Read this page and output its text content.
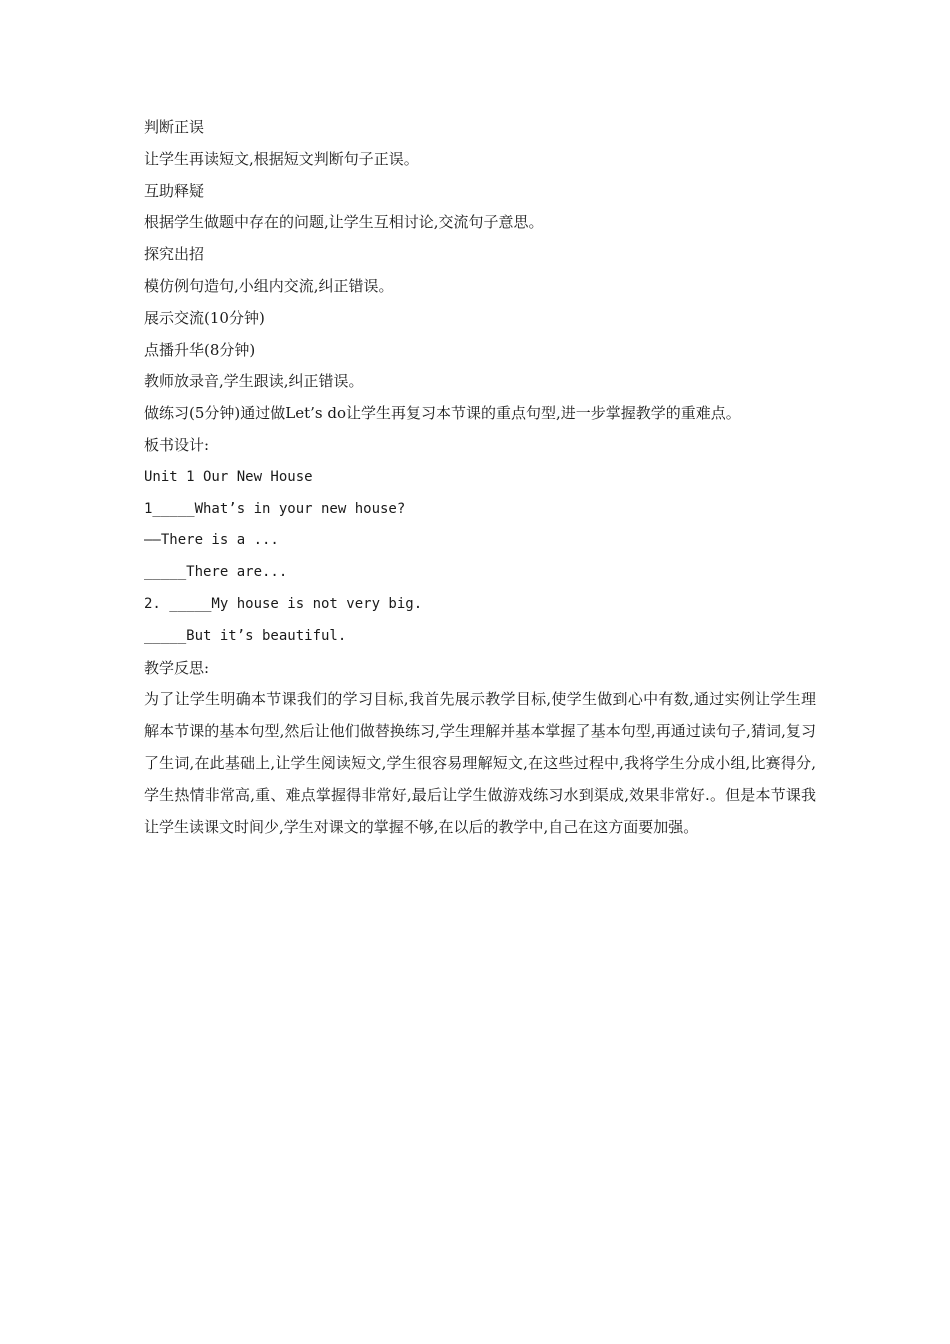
判断正误
让学生再读短文,根据短文判断句子正误。
互助释疑
根据学生做题中存在的问题,让学生互相讨论,交流句子意思。
探究出招
模仿例句造句,小组内交流,纠正错误。
展示交流(10分钟)
点播升华(8分钟)
教师放录音,学生跟读,纠正错误。
做练习(5分钟)通过做Let’s do让学生再复习本节课的重点句型,进一步掌握教学的重难点。
板书设计:
Unit 1 Our New House
1_____What’s in your new house?
——There is a ...
_____There are...
2. _____My house is not very big.
_____But it’s beautiful.
教学反思:
为了让学生明确本节课我们的学习目标,我首先展示教学目标,使学生做到心中有数,通过实例让学生理解本节课的基本句型,然后让他们做替换练习,学生理解并基本掌握了基本句型,再通过读句子,猜词,复习了生词,在此基础上,让学生阅读短文,学生很容易理解短文,在这些过程中,我将学生分成小组,比赛得分,学生热情非常高,重、难点掌握得非常好,最后让学生做游戏练习水到渠成,效果非常好.。但是本节课我让学生读课文时间少,学生对课文的掌握不够,在以后的教学中,自己在这方面要加强。
